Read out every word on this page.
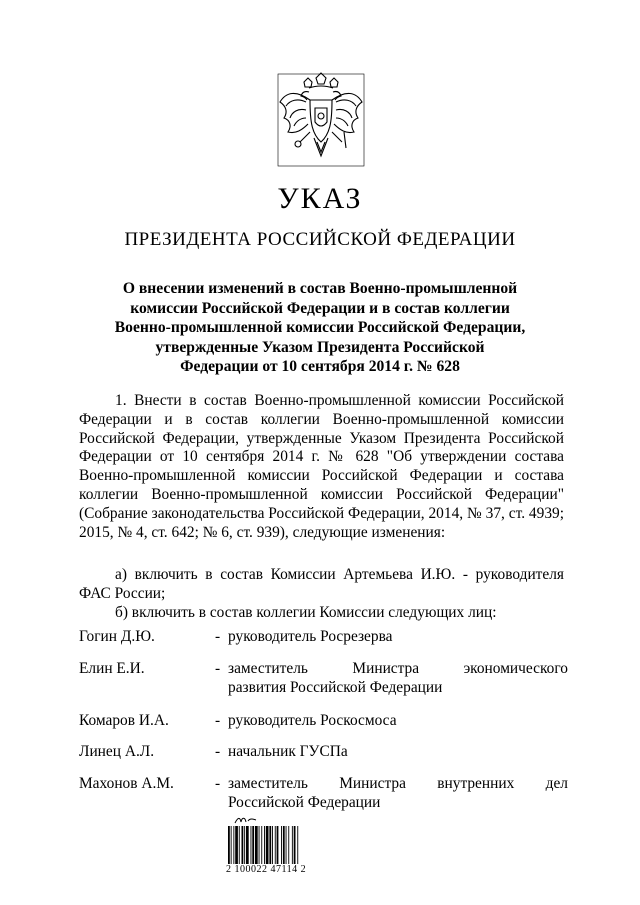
УКАЗ
ПРЕЗИДЕНТА РОССИЙСКОЙ ФЕДЕРАЦИИ
О внесении изменений в состав Военно-промышленной
комиссии Российской Федерации и в состав коллегии
Военно-промышленной комиссии Российской Федерации,
утвержденные Указом Президента Российской
Федерации от 10 сентября 2014 г. № 628
1. Внести в состав Военно-промышленной комиссии Российской Федерации и в состав коллегии Военно-промышленной комиссии Российской Федерации, утвержденные Указом Президента Российской Федерации от 10 сентября 2014 г. № 628 "Об утверждении состава Военно-промышленной комиссии Российской Федерации и состава коллегии Военно-промышленной комиссии Российской Федерации" (Собрание законодательства Российской Федерации, 2014, № 37, ст. 4939; 2015, № 4, ст. 642; № 6, ст. 939), следующие изменения:
а) включить в состав Комиссии Артемьева И.Ю. - руководителя ФАС России;
б) включить в состав коллегии Комиссии следующих лиц:
Гогин Д.Ю.	- руководитель Росрезерва
Елин Е.И.	- заместитель	Министра	экономического
развития Российской Федерации
Комаров И.А.	- руководитель Роскосмоса
Линец А.Л.	- начальник ГУСПа
Махонов А.М.	- заместитель Министра внутренних дел
Российской Федерации
2 100022 47114 2
